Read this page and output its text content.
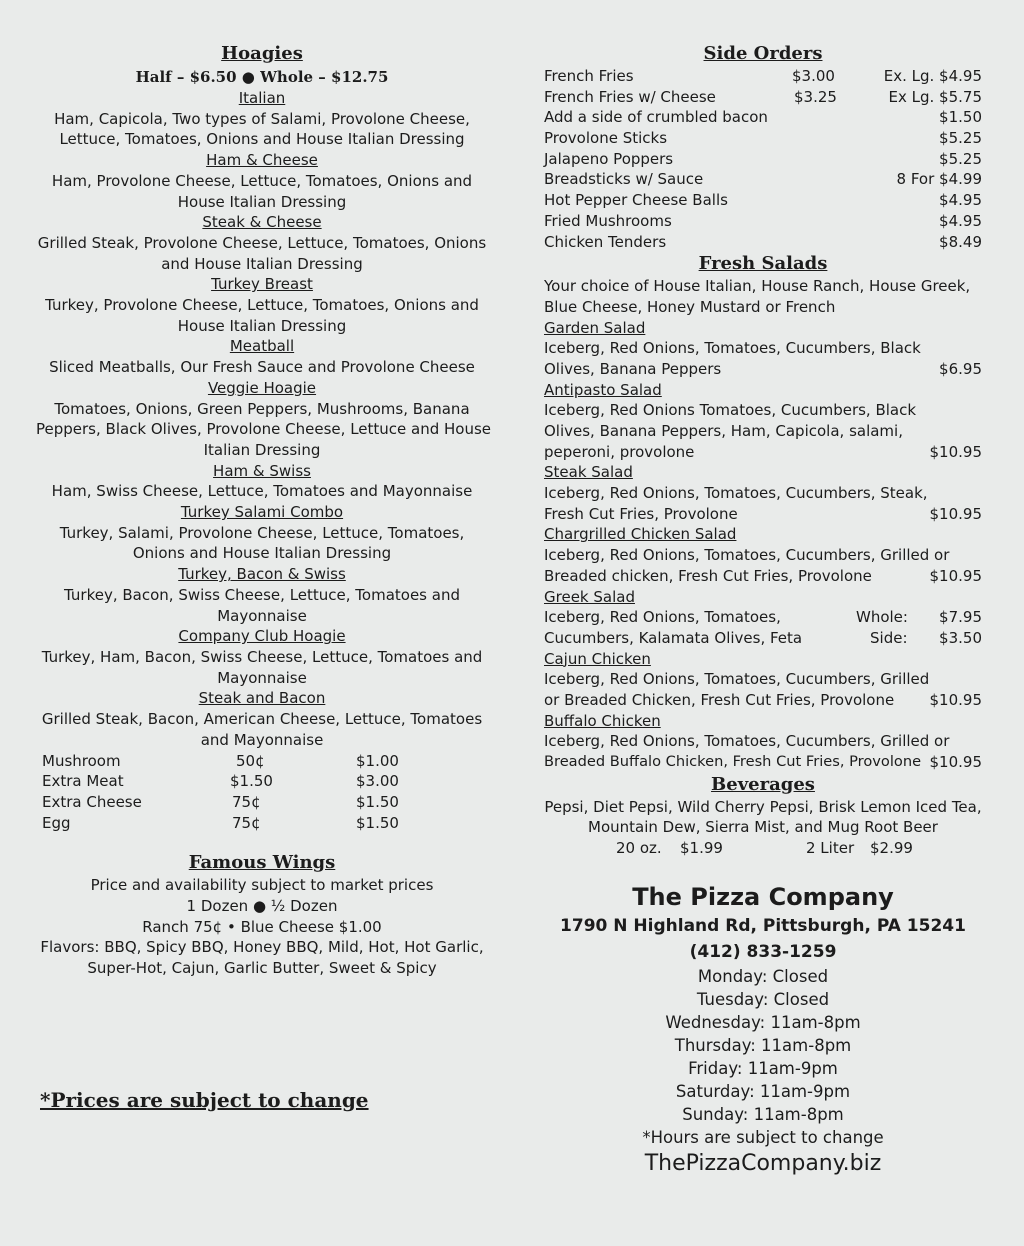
Hoagies
Half – $6.50 ● Whole – $12.75
Italian
Ham, Capicola, Two types of Salami, Provolone Cheese,
Lettuce, Tomatoes, Onions and House Italian Dressing
Ham & Cheese
Ham, Provolone Cheese, Lettuce, Tomatoes, Onions and
House Italian Dressing
Steak & Cheese
Grilled Steak, Provolone Cheese, Lettuce, Tomatoes, Onions
and House Italian Dressing
Turkey Breast
Turkey, Provolone Cheese, Lettuce, Tomatoes, Onions and
House Italian Dressing
Meatball
Sliced Meatballs, Our Fresh Sauce and Provolone Cheese
Veggie Hoagie
Tomatoes, Onions, Green Peppers, Mushrooms, Banana
Peppers, Black Olives, Provolone Cheese, Lettuce and House
Italian Dressing
Ham & Swiss
Ham, Swiss Cheese, Lettuce, Tomatoes and Mayonnaise
Turkey Salami Combo
Turkey, Salami, Provolone Cheese, Lettuce, Tomatoes,
Onions and House Italian Dressing
Turkey, Bacon & Swiss
Turkey, Bacon, Swiss Cheese, Lettuce, Tomatoes and
Mayonnaise
Company Club Hoagie
Turkey, Ham, Bacon, Swiss Cheese, Lettuce, Tomatoes and
Mayonnaise
Steak and Bacon
Grilled Steak, Bacon, American Cheese, Lettuce, Tomatoes
and Mayonnaise
Mushroom	50¢	$1.00
Extra Meat	$1.50	$3.00
Extra Cheese	75¢	$1.50
Egg	75¢	$1.50
Famous Wings
Price and availability subject to market prices
1 Dozen ● ½ Dozen
Ranch 75¢ • Blue Cheese $1.00
Flavors: BBQ, Spicy BBQ, Honey BBQ, Mild, Hot, Hot Garlic,
Super-Hot, Cajun, Garlic Butter, Sweet & Spicy
*Prices are subject to change
Side Orders
French Fries	$3.00	Ex. Lg. $4.95
French Fries w/ Cheese	$3.25	Ex Lg. $5.75
Add a side of crumbled bacon	$1.50
Provolone Sticks	$5.25
Jalapeno Poppers	$5.25
Breadsticks w/ Sauce	8 For $4.99
Hot Pepper Cheese Balls	$4.95
Fried Mushrooms	$4.95
Chicken Tenders	$8.49
Fresh Salads
Your choice of House Italian, House Ranch, House Greek,
Blue Cheese, Honey Mustard or French
Garden Salad
Iceberg, Red Onions, Tomatoes, Cucumbers, Black
Olives, Banana Peppers	$6.95
Antipasto Salad
Iceberg, Red Onions Tomatoes, Cucumbers, Black
Olives, Banana Peppers, Ham, Capicola, salami,
peperoni, provolone	$10.95
Steak Salad
Iceberg, Red Onions, Tomatoes, Cucumbers, Steak,
Fresh Cut Fries, Provolone	$10.95
Chargrilled Chicken Salad
Iceberg, Red Onions, Tomatoes, Cucumbers, Grilled or
Breaded chicken, Fresh Cut Fries, Provolone	$10.95
Greek Salad
Iceberg, Red Onions, Tomatoes,	Whole: $7.95
Cucumbers, Kalamata Olives, Feta	Side: $3.50
Cajun Chicken
Iceberg, Red Onions, Tomatoes, Cucumbers, Grilled
or Breaded Chicken, Fresh Cut Fries, Provolone $10.95
Buffalo Chicken
Iceberg, Red Onions, Tomatoes, Cucumbers, Grilled or
Breaded Buffalo Chicken, Fresh Cut Fries, Provolone $10.95
Beverages
Pepsi, Diet Pepsi, Wild Cherry Pepsi, Brisk Lemon Iced Tea,
Mountain Dew, Sierra Mist, and Mug Root Beer
20 oz. $1.99	2 Liter $2.99
The Pizza Company
1790 N Highland Rd, Pittsburgh, PA 15241
(412) 833-1259
Monday: Closed
Tuesday: Closed
Wednesday: 11am-8pm
Thursday: 11am-8pm
Friday: 11am-9pm
Saturday: 11am-9pm
Sunday: 11am-8pm
*Hours are subject to change
ThePizzaCompany.biz
